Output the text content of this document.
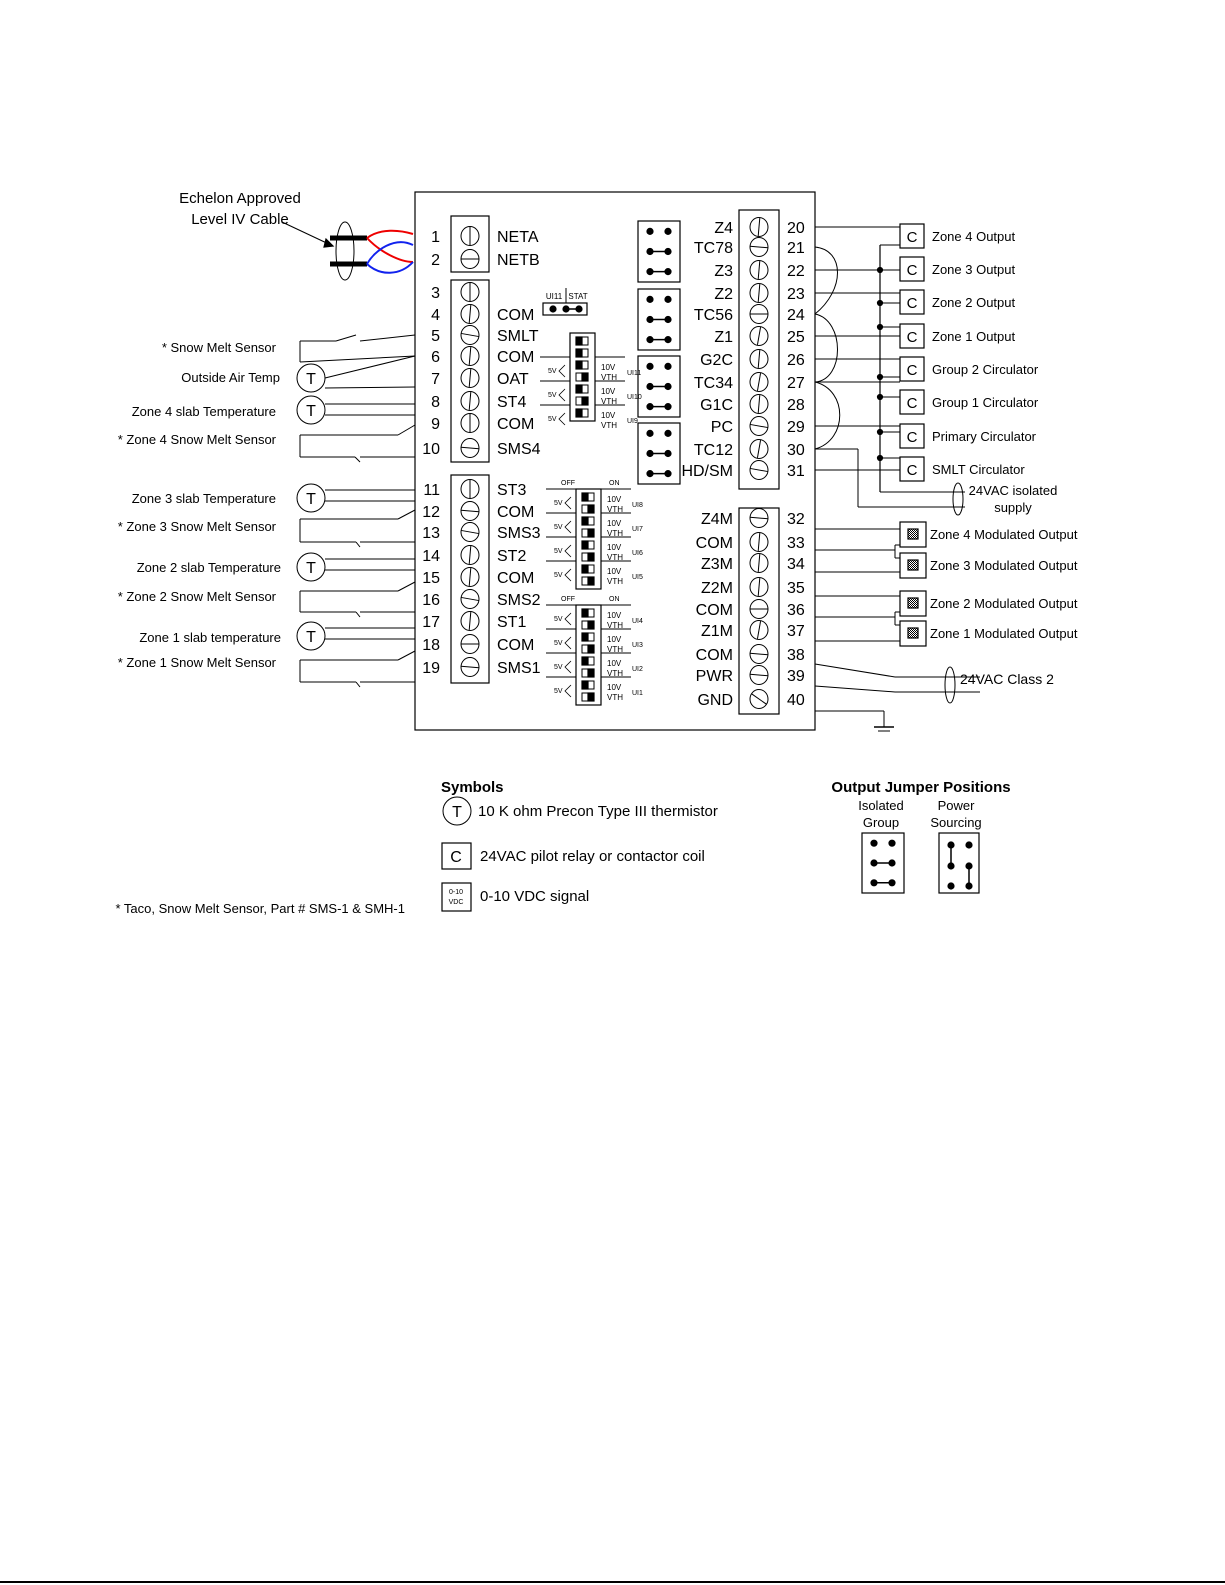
Echelon Approved
Level IV Cable
1	NETA
2	NETB
3
4	COM
5	SMLT
6	COM
7	OAT
8	ST4
9	COM
10	SMS4
11	ST3
12	COM
13	SMS3
14	ST2
15	COM
16	SMS2
17	ST1
18	COM
19	SMS1
UI11 STAT
5V	10V
VTH UI11
5V	10V
VTH UI10
5V	10V
VTH UI9
OFF	ON
5V	10V
VTH UI8
5V	10V
VTH UI7
5V	10V
VTH UI6
5V	10V
VTH UI5
OFF	ON
5V	10V
VTH UI4
5V	10V
VTH UI3
5V	10V
VTH UI2
5V	10V
VTH UI1
Z4	20
TC78	21
Z3	22
Z2	23
TC56	24
Z1	25
G2C	26
TC34	27
G1C	28
PC	29
TC12	30
HD/SM	31
Z4M	32
COM	33
Z3M	34
Z2M	35
COM	36
Z1M	37
COM	38
PWR	39
GND	40
C Zone 4 Output
C Zone 3 Output
C Zone 2 Output
C Zone 1 Output
C Group 2 Circulator
C Group 1 Circulator
C Primary Circulator
C SMLT Circulator
24VAC isolated
supply
Zone 4 Modulated Output
Zone 3 Modulated Output
Zone 2 Modulated Output
Zone 1 Modulated Output
24VAC Class 2
* Snow Melt Sensor
Outside Air Temp
Zone 4 slab Temperature
* Zone 4 Snow Melt Sensor
Zone 3 slab Temperature
* Zone 3 Snow Melt Sensor
Zone 2 slab Temperature
* Zone 2 Snow Melt Sensor
Zone 1 slab temperature
* Zone 1 Snow Melt Sensor
T
T
T
T
T
Symbols
T 10 K ohm Precon Type III thermistor
C 24VAC pilot relay or contactor coil
0-10
VDC 0-10 VDC signal
* Taco, Snow Melt Sensor, Part # SMS-1 & SMH-1
Output Jumper Positions
Isolated
Group
Power
Sourcing
